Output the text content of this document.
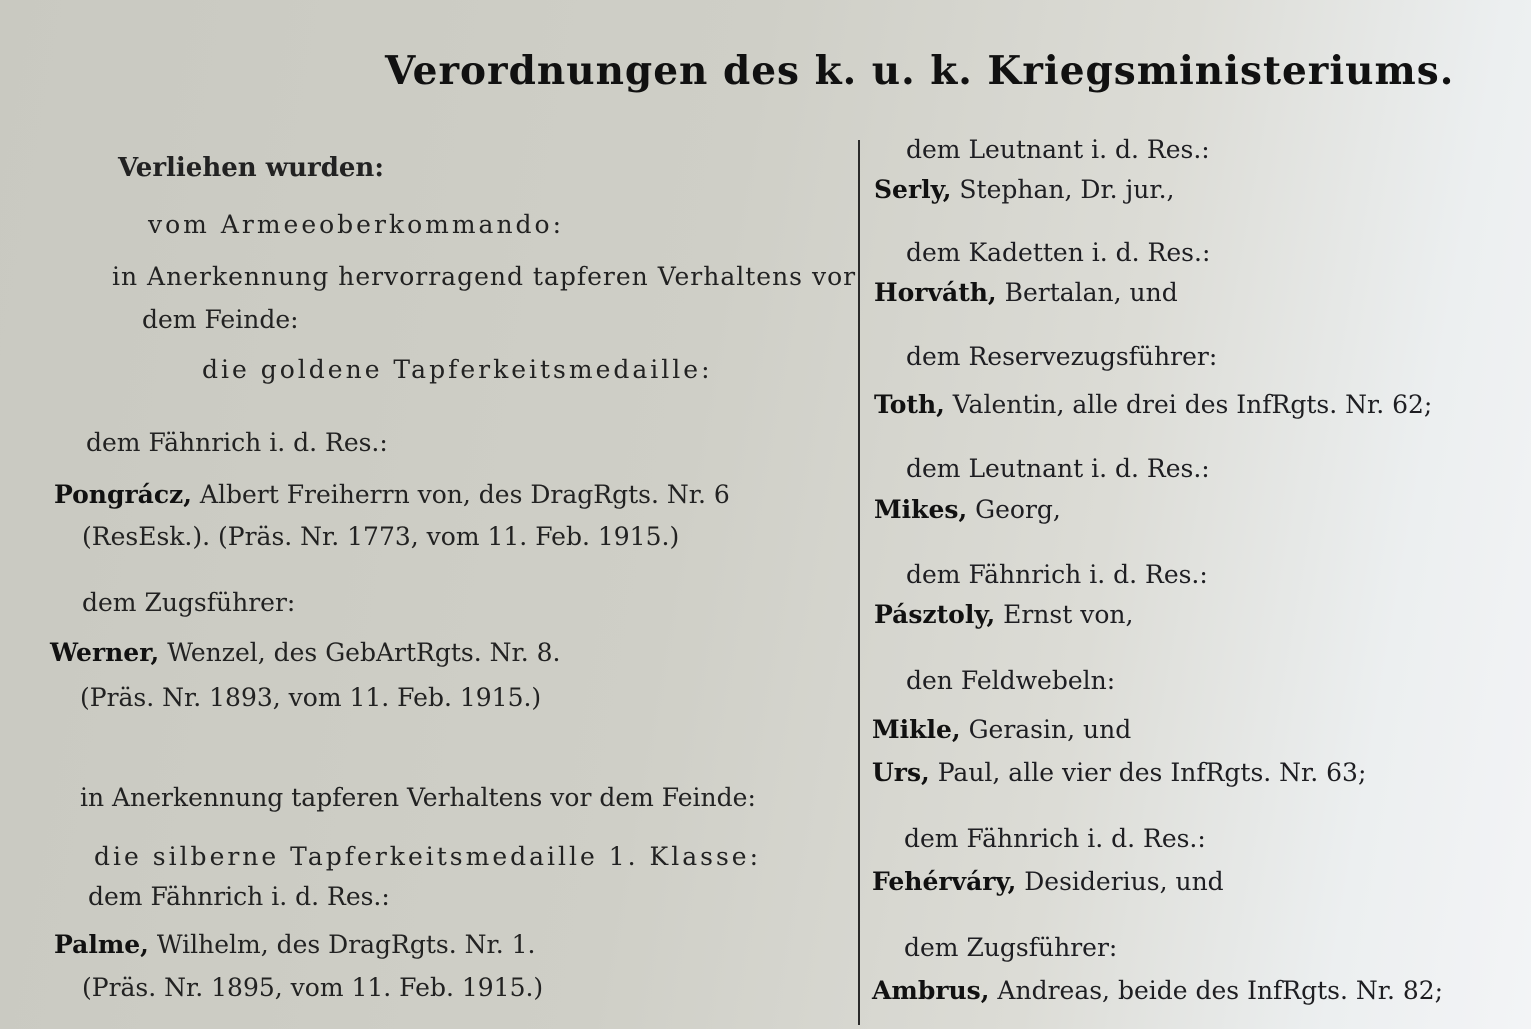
Verordnungen des k. u. k. Kriegsministeriums.
Verliehen wurden:
vom Armeeoberkommando:
in Anerkennung hervorragend tapferen Verhaltens vor
dem Feinde:
die goldene Tapferkeitsmedaille:
dem Fähnrich i. d. Res.:
Pongrácz, Albert Freiherrn von, des DragRgts. Nr. 6
(ResEsk.). (Präs. Nr. 1773, vom 11. Feb. 1915.)
dem Zugsführer:
Werner, Wenzel, des GebArtRgts. Nr. 8.
(Präs. Nr. 1893, vom 11. Feb. 1915.)
in Anerkennung tapferen Verhaltens vor dem Feinde:
die silberne Tapferkeitsmedaille 1. Klasse:
dem Fähnrich i. d. Res.:
Palme, Wilhelm, des DragRgts. Nr. 1.
(Präs. Nr. 1895, vom 11. Feb. 1915.)
dem Leutnant i. d. Res.:
Serly, Stephan, Dr. jur.,
dem Kadetten i. d. Res.:
Horváth, Bertalan, und
dem Reservezugsführer:
Toth, Valentin, alle drei des InfRgts. Nr. 62;
dem Leutnant i. d. Res.:
Mikes, Georg,
dem Fähnrich i. d. Res.:
Pásztoly, Ernst von,
den Feldwebeln:
Mikle, Gerasin, und
Urs, Paul, alle vier des InfRgts. Nr. 63;
dem Fähnrich i. d. Res.:
Fehérváry, Desiderius, und
dem Zugsführer:
Ambrus, Andreas, beide des InfRgts. Nr. 82;
